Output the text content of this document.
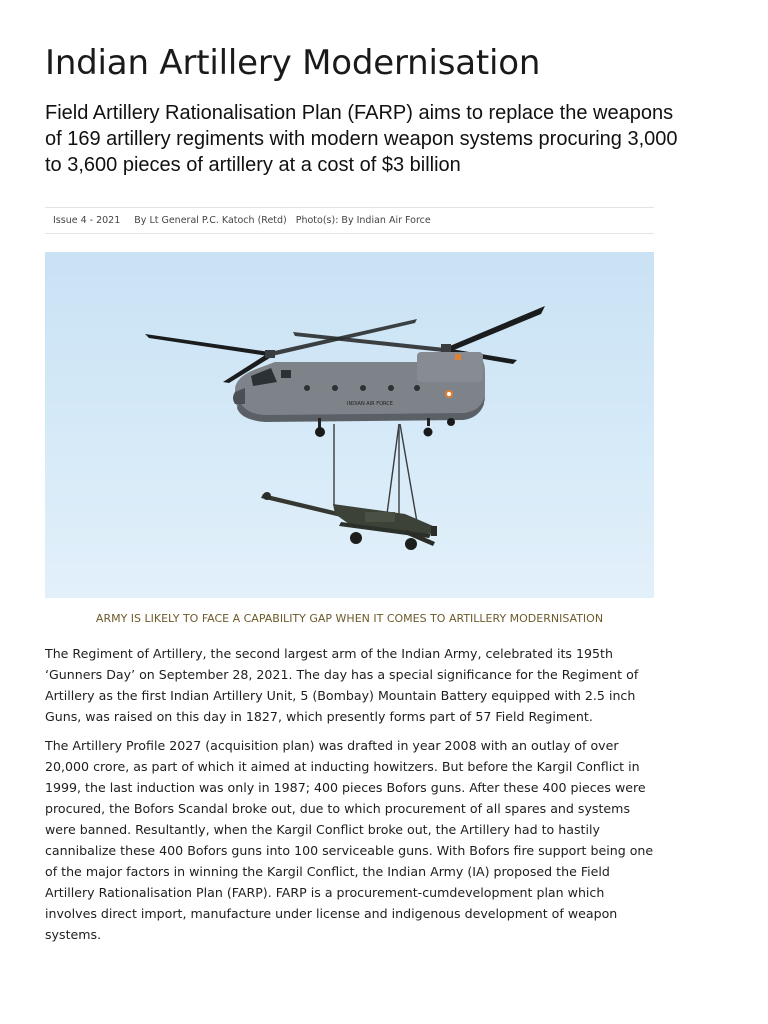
Indian Artillery Modernisation

Field Artillery Rationalisation Plan (FARP) aims to replace the weapons of 169 artillery regiments with modern weapon systems procuring 3,000 to 3,600 pieces of artillery at a cost of $3 billion

Issue 4 - 2021 By Lt General P.C. Katoch (Retd) Photo(s): By Indian Air Force
INDIAN AIR FORCE
ARMY IS LIKELY TO FACE A CAPABILITY GAP WHEN IT COMES TO ARTILLERY MODERNISATION

The Regiment of Artillery, the second largest arm of the Indian Army, celebrated its 195th ‘Gunners Day’ on September 28, 2021. The day has a special significance for the Regiment of Artillery as the first Indian Artillery Unit, 5 (Bombay) Mountain Battery equipped with 2.5 inch Guns, was raised on this day in 1827, which presently forms part of 57 Field Regiment.

The Artillery Profile 2027 (acquisition plan) was drafted in year 2008 with an outlay of over 20,000 crore, as part of which it aimed at inducting howitzers. But before the Kargil Conflict in 1999, the last induction was only in 1987; 400 pieces Bofors guns. After these 400 pieces were procured, the Bofors Scandal broke out, due to which procurement of all spares and systems were banned. Resultantly, when the Kargil Conflict broke out, the Artillery had to hastily cannibalize these 400 Bofors guns into 100 serviceable guns. With Bofors fire support being one of the major factors in winning the Kargil Conflict, the Indian Army (IA) proposed the Field Artillery Rationalisation Plan (FARP). FARP is a procurement-cumdevelopment plan which involves direct import, manufacture under license and indigenous development of weapon systems.
